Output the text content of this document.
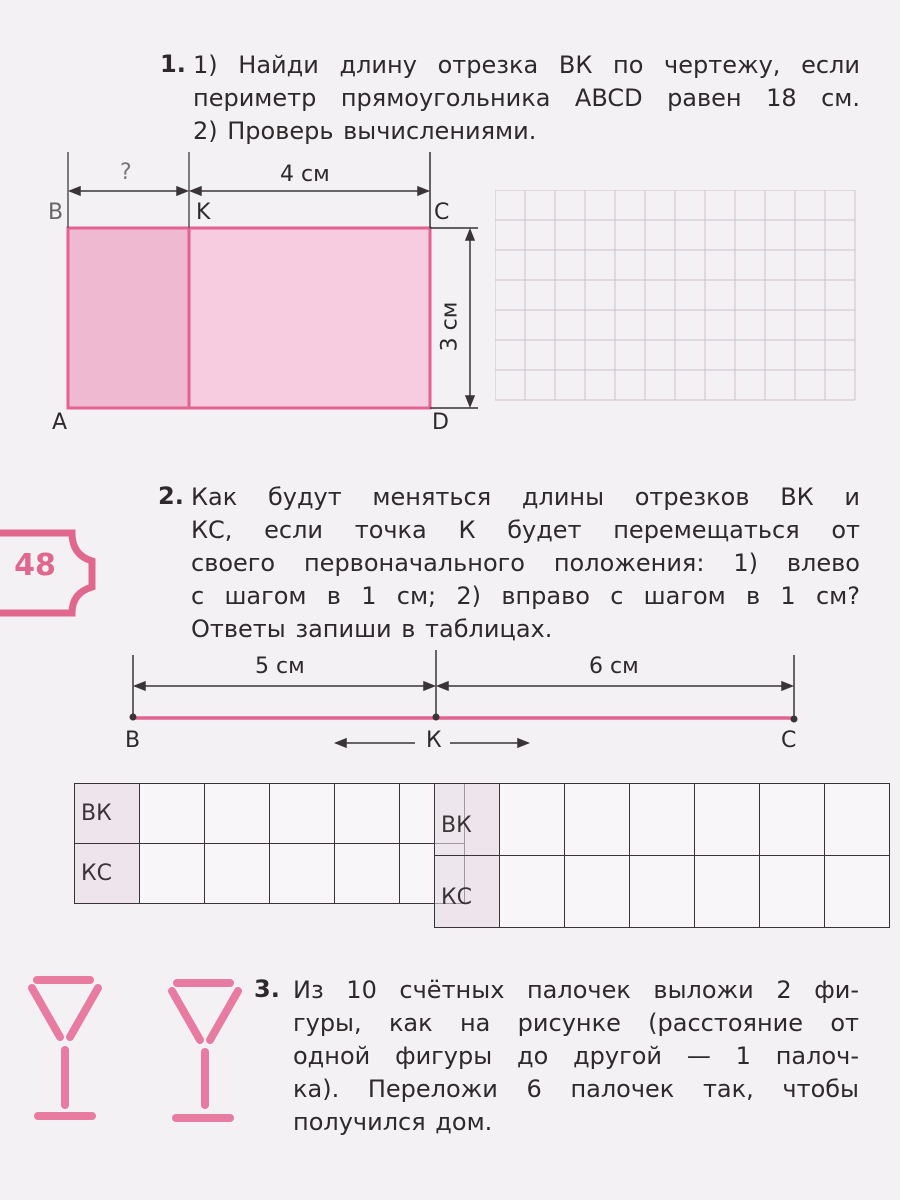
1. 1) Найди длину отрезка ВК по чертежу, если
периметр прямоугольника ABCD равен 18 см.
2) Проверь вычислениями.
B	K	C
A	D
?	4 см
3 см
48
2. Как будут меняться длины отрезков ВК и
КС, если точка К будет перемещаться от
своего первоначального положения: 1) влево
с шагом в 1 см; 2) вправо с шагом в 1 см?
Ответы запиши в таблицах.
В	К	С
5 см	6 см
ВК					
КС					
ВК						
КС						
3. Из 10 счётных палочек выложи 2 фи-
гуры, как на рисунке (расстояние от
одной фигуры до другой — 1 палоч-
ка). Переложи 6 палочек так, чтобы
получился дом.
